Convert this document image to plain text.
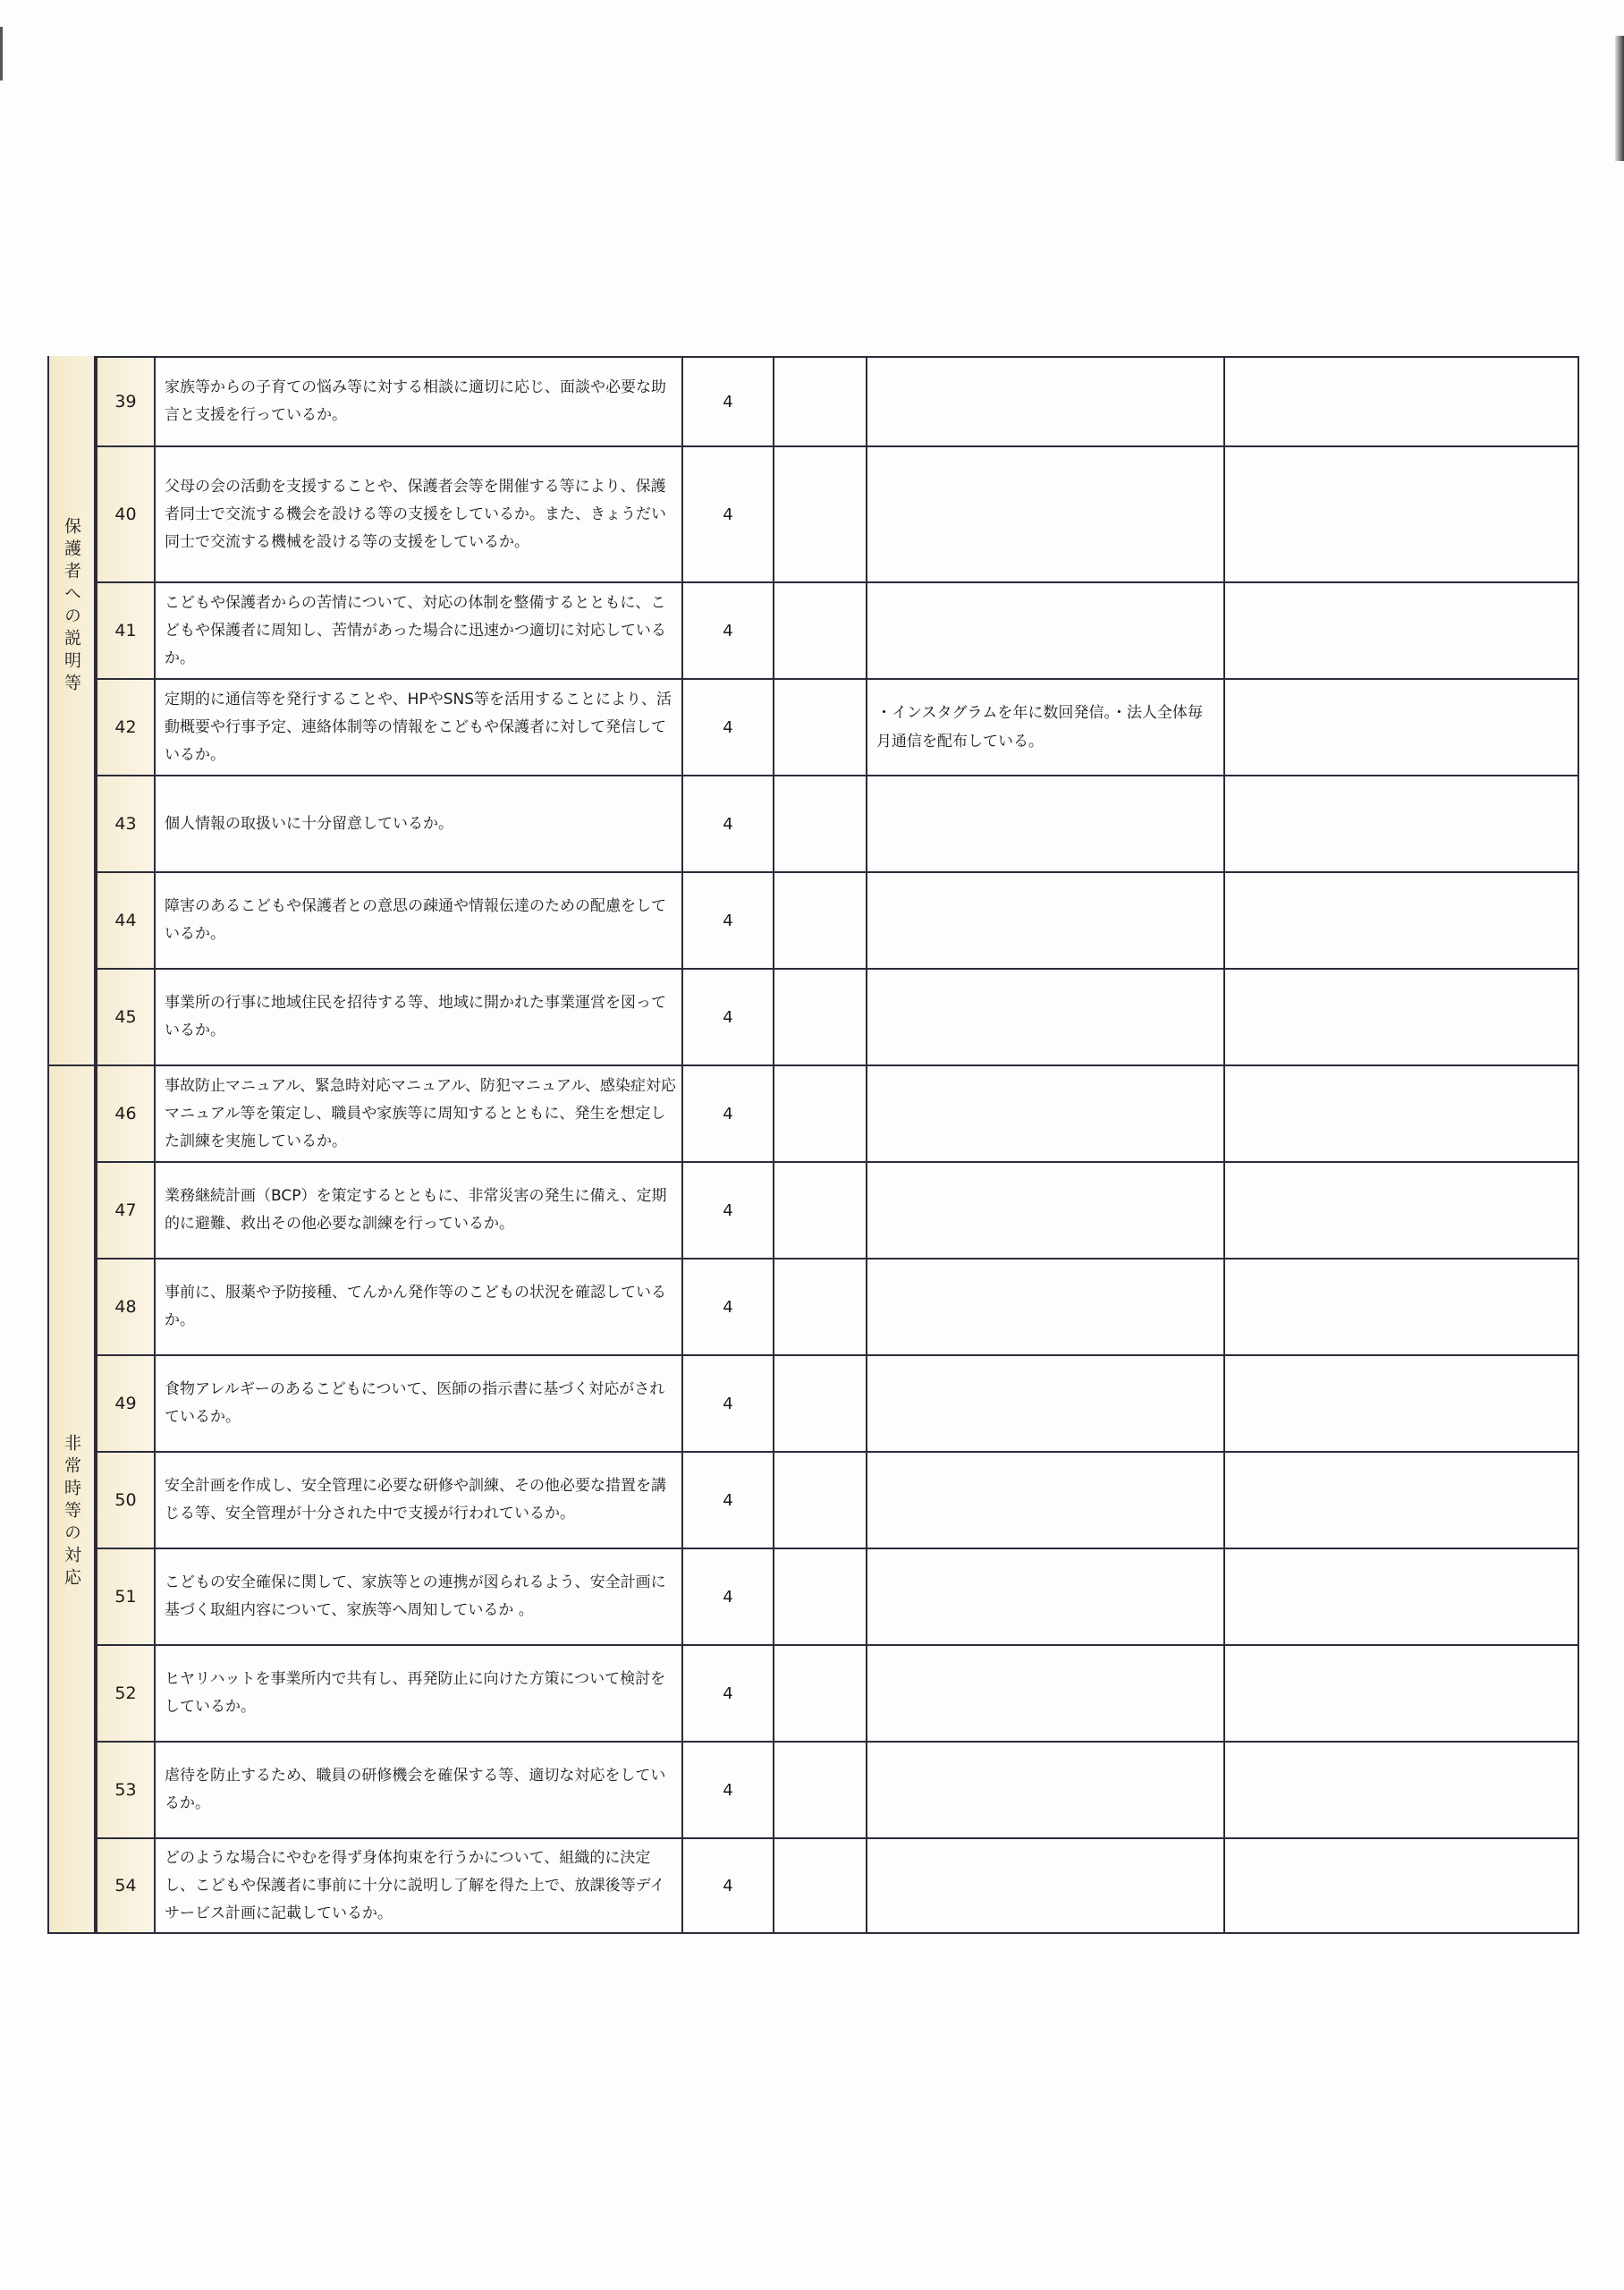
保護者への説明等
非常時等の対応
39
家族等からの子育ての悩み等に対する相談に適切に応じ、面談や必要な助言と支援を行っているか。
4
40
父母の会の活動を支援することや、保護者会等を開催する等により、保護者同士で交流する機会を設ける等の支援をしているか。また、きょうだい同士で交流する機械を設ける等の支援をしているか。
4
41
こどもや保護者からの苦情について、対応の体制を整備するとともに、こどもや保護者に周知し、苦情があった場合に迅速かつ適切に対応しているか。
4
42
定期的に通信等を発行することや、HPやSNS等を活用することにより、活動概要や行事予定、連絡体制等の情報をこどもや保護者に対して発信しているか。
4
・インスタグラムを年に数回発信。・法人全体毎月通信を配布している。
43	個人情報の取扱いに十分留意しているか。	4
44
障害のあるこどもや保護者との意思の疎通や情報伝達のための配慮をしているか。
4
45
事業所の行事に地域住民を招待する等、地域に開かれた事業運営を図っているか。
4
46
事故防止マニュアル、緊急時対応マニュアル、防犯マニュアル、感染症対応マニュアル等を策定し、職員や家族等に周知するとともに、発生を想定した訓練を実施しているか。
4
47
業務継続計画（BCP）を策定するとともに、非常災害の発生に備え、定期的に避難、救出その他必要な訓練を行っているか。
4
48
事前に、服薬や予防接種、てんかん発作等のこどもの状況を確認しているか。
4
49
食物アレルギーのあるこどもについて、医師の指示書に基づく対応がされているか。
4
50
安全計画を作成し、安全管理に必要な研修や訓練、その他必要な措置を講じる等、安全管理が十分された中で支援が行われているか。
4
51
こどもの安全確保に関して、家族等との連携が図られるよう、安全計画に基づく取組内容について、家族等へ周知しているか 。
4
52
ヒヤリハットを事業所内で共有し、再発防止に向けた方策について検討をしているか。
4
53
虐待を防止するため、職員の研修機会を確保する等、適切な対応をしているか。
4
54
どのような場合にやむを得ず身体拘束を行うかについて、組織的に決定し、こどもや保護者に事前に十分に説明し了解を得た上で、放課後等デイサービス計画に記載しているか。
4
